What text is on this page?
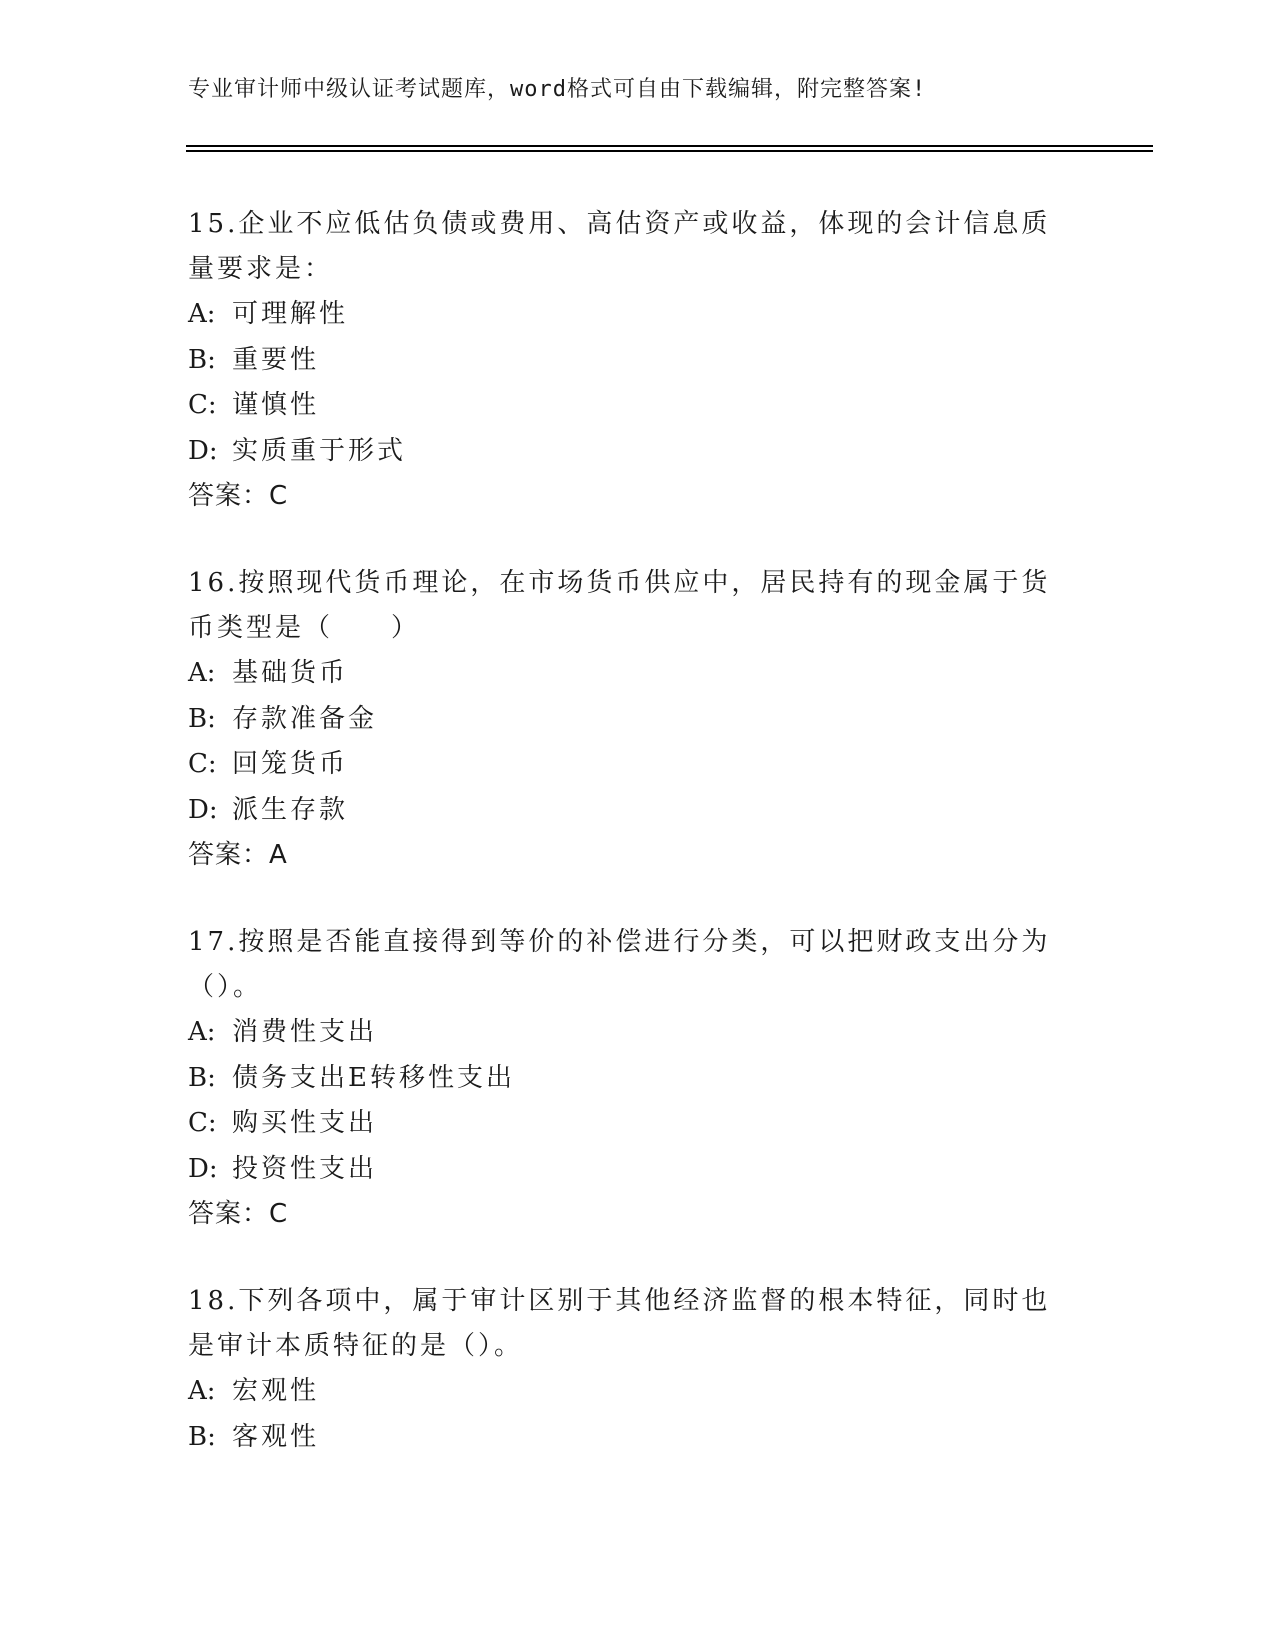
专业审计师中级认证考试题库，word格式可自由下载编辑，附完整答案!
15.企业不应低估负债或费用、高估资产或收益，体现的会计信息质量要求是：
A: 可理解性
B: 重要性
C: 谨慎性
D: 实质重于形式
答案：C
16.按照现代货币理论，在市场货币供应中，居民持有的现金属于货币类型是（　　）
A: 基础货币
B: 存款准备金
C: 回笼货币
D: 派生存款
答案：A
17.按照是否能直接得到等价的补偿进行分类，可以把财政支出分为（）。
A: 消费性支出
B: 债务支出E转移性支出
C: 购买性支出
D: 投资性支出
答案：C
18.下列各项中，属于审计区别于其他经济监督的根本特征，同时也是审计本质特征的是（）。
A: 宏观性
B: 客观性
